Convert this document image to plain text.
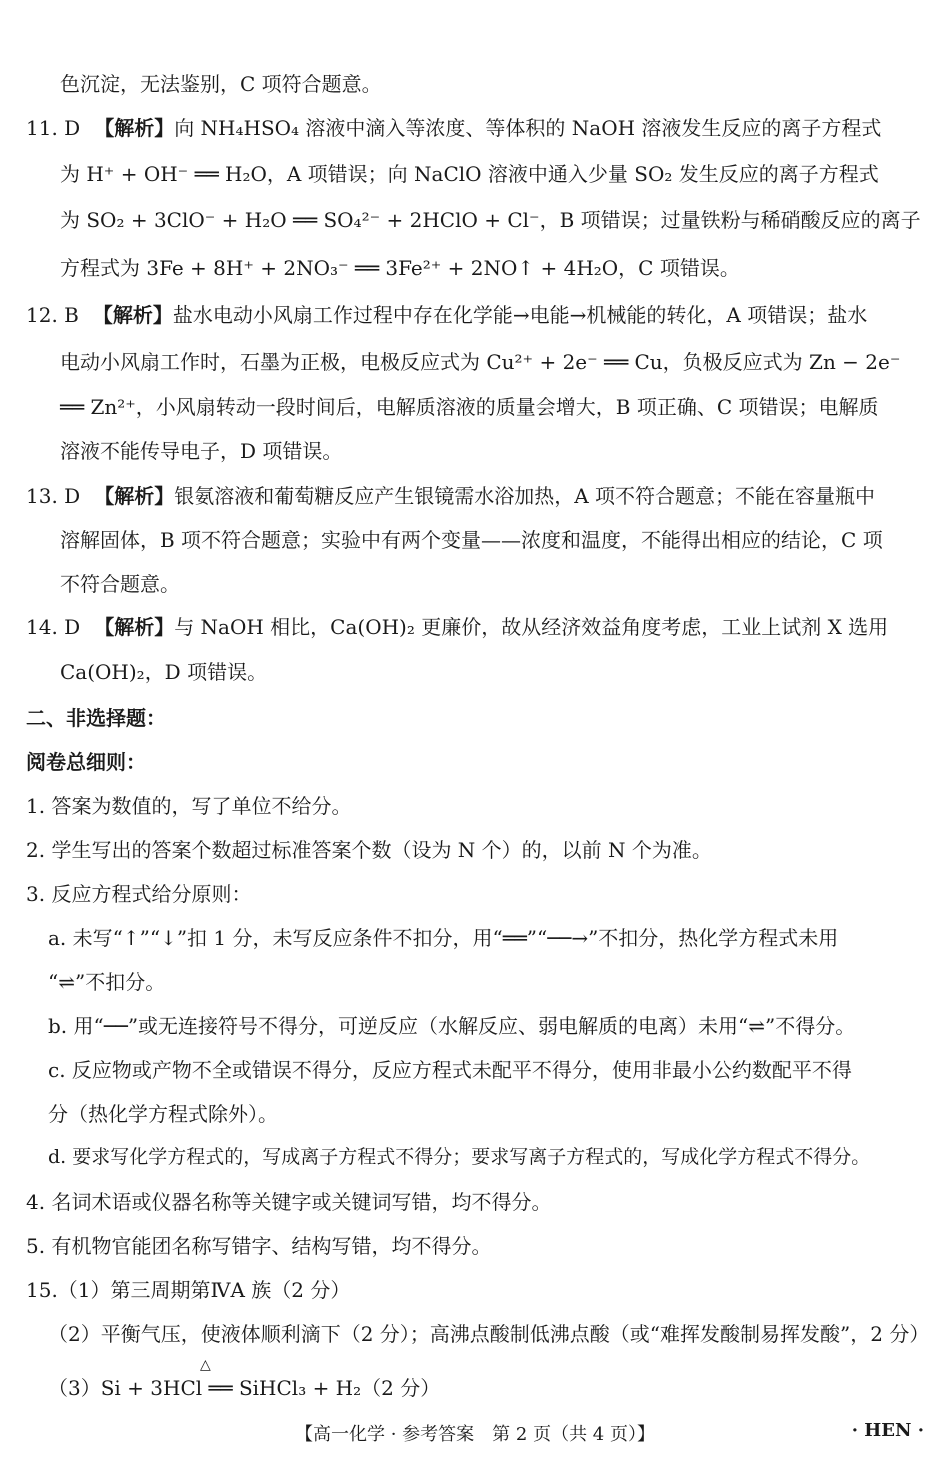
色沉淀，无法鉴别，C 项符合题意。
11. D 【解析】向 NH₄HSO₄ 溶液中滴入等浓度、等体积的 NaOH 溶液发生反应的离子方程式
为 H⁺ + OH⁻ ══ H₂O，A 项错误；向 NaClO 溶液中通入少量 SO₂ 发生反应的离子方程式
为 SO₂ + 3ClO⁻ + H₂O ══ SO₄²⁻ + 2HClO + Cl⁻，B 项错误；过量铁粉与稀硝酸反应的离子
方程式为 3Fe + 8H⁺ + 2NO₃⁻ ══ 3Fe²⁺ + 2NO↑ + 4H₂O，C 项错误。
12. B 【解析】盐水电动小风扇工作过程中存在化学能→电能→机械能的转化，A 项错误；盐水
电动小风扇工作时，石墨为正极，电极反应式为 Cu²⁺ + 2e⁻ ══ Cu，负极反应式为 Zn − 2e⁻
══ Zn²⁺，小风扇转动一段时间后，电解质溶液的质量会增大，B 项正确、C 项错误；电解质
溶液不能传导电子，D 项错误。
13. D 【解析】银氨溶液和葡萄糖反应产生银镜需水浴加热，A 项不符合题意；不能在容量瓶中
溶解固体，B 项不符合题意；实验中有两个变量——浓度和温度，不能得出相应的结论，C 项
不符合题意。
14. D 【解析】与 NaOH 相比，Ca(OH)₂ 更廉价，故从经济效益角度考虑，工业上试剂 X 选用
Ca(OH)₂，D 项错误。
二、非选择题：
阅卷总细则：
1. 答案为数值的，写了单位不给分。
2. 学生写出的答案个数超过标准答案个数（设为 N 个）的，以前 N 个为准。
3. 反应方程式给分原则：
a. 未写“↑”“↓”扣 1 分，未写反应条件不扣分，用“══”“──→”不扣分，热化学方程式未用
“⇌”不扣分。
b. 用“──”或无连接符号不得分，可逆反应（水解反应、弱电解质的电离）未用“⇌”不得分。
c. 反应物或产物不全或错误不得分，反应方程式未配平不得分，使用非最小公约数配平不得
分（热化学方程式除外）。
d. 要求写化学方程式的，写成离子方程式不得分；要求写离子方程式的，写成化学方程式不得分。
4. 名词术语或仪器名称等关键字或关键词写错，均不得分。
5. 有机物官能团名称写错字、结构写错，均不得分。
15.（1）第三周期第ⅣA 族（2 分）
（2）平衡气压，使液体顺利滴下（2 分）；高沸点酸制低沸点酸（或“难挥发酸制易挥发酸”，2 分）
（3）Si + 3HCl ══ SiHCl₃ + H₂（2 分）
△
【高一化学 · 参考答案　第 2 页（共 4 页）】	· HEN ·
